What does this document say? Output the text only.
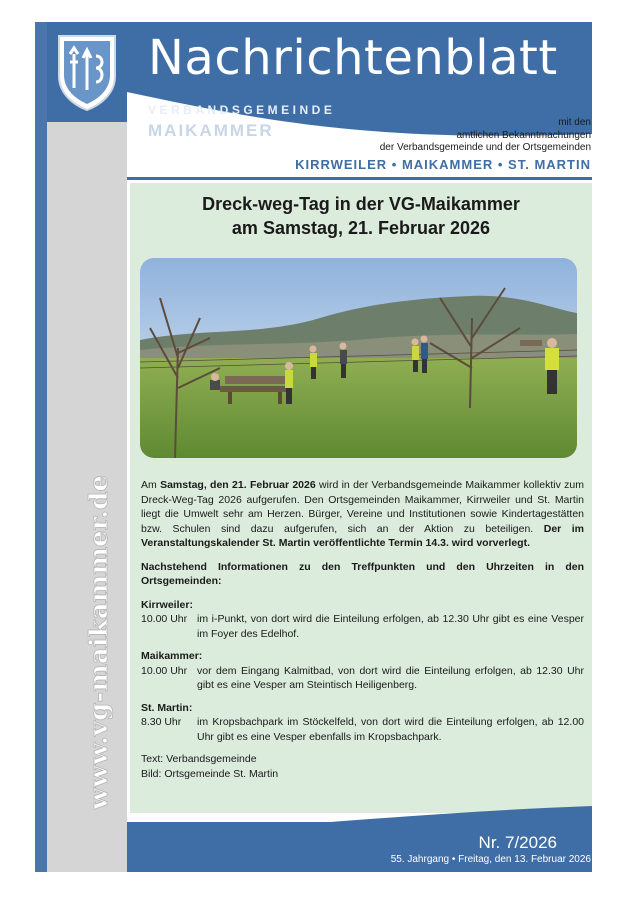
Nachrichtenblatt
VERBANDSGEMEINDE
MAIKAMMER	mit den
amtlichen Bekanntmachungen
der Verbandsgemeinde und der Ortsgemeinden
KIRRWEILER • MAIKAMMER • ST. MARTIN
Dreck-weg-Tag in der VG-Maikammer
am Samstag, 21. Februar 2026

Am Samstag, den 21. Februar 2026 wird in der Verbandsgemeinde Maikammer kollektiv zum Dreck-Weg-Tag 2026 aufgerufen. Den Ortsgemeinden Maikammer, Kirrweiler und St. Martin liegt die Umwelt sehr am Herzen. Bürger, Vereine und Institutionen sowie Kindertagestätten bzw. Schulen sind dazu aufgerufen, sich an der Aktion zu beteiligen. Der im Veranstaltungskalender St. Martin veröffentlichte Termin 14.3. wird vorverlegt.

Nachstehend Informationen zu den Treffpunkten und den Uhrzeiten in den Ortsgemeinden:

Kirrweiler:
10.00 Uhr im i-Punkt, von dort wird die Einteilung erfolgen, ab 12.30 Uhr gibt es eine Vesper im Foyer des Edelhof.
Maikammer:
10.00 Uhr vor dem Eingang Kalmitbad, von dort wird die Einteilung erfolgen, ab 12.30 Uhr gibt es eine Vesper am Steintisch Heiligenberg.
St. Martin:
8.30 Uhr	im Kropsbachpark im Stöckelfeld, von dort wird die Einteilung erfolgen, ab 12.00 Uhr gibt es eine Vesper ebenfalls im Kropsbachpark.
Text: Verbandsgemeinde
Bild: Ortsgemeinde St. Martin
www.vg-maikammer.de
Nr. 7/2026
55. Jahrgang • Freitag, den 13. Februar 2026
